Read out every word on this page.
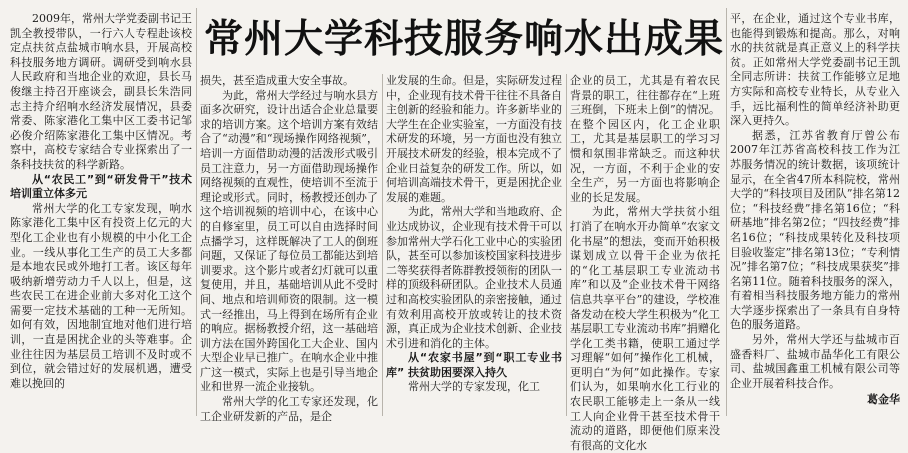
常州大学科技服务响水出成果

2009年，常州大学党委副书记王凯全教授带队，一行六人专程赴该校定点扶贫点盐城市响水县，开展高校科技服务地方调研。调研受到响水县人民政府和当地企业的欢迎，县长马俊继主持召开座谈会，副县长朱浩同志主持介绍响水经济发展情况，县委常委、陈家港化工集中区工委书记邹必俊介绍陈家港化工集中区情况。考察中，高校专家结合专业探索出了一条科技扶贫的科学新路。

从“农民工”到“研发骨干”技术培训重立体多元

常州大学的化工专家发现，响水陈家港化工集中区有投资上亿元的大型化工企业也有小规模的中小化工企业。一线从事化工生产的员工大多都是本地农民或外地打工者。该区每年吸纳新增劳动力千人以上，但是，这些农民工在进企业前大多对化工这个需要一定技术基础的工种一无所知。如何有效，因地制宜地对他们进行培训，一直是困扰企业的头等难事。企业往往因为基层员工培训不及时或不到位，就会错过好的发展机遇，遭受难以挽回的

损失，甚至造成重大安全事故。

为此，常州大学经过与响水县方面多次研究，设计出适合企业总量要求的培训方案。这个培训方案有效结合了“动漫”和“现场操作网络视频”，培训一方面借助动漫的活泼形式吸引员工注意力，另一方面借助现场操作网络视频的直观性，使培训不至流于理论或形式。同时，杨教授还创办了这个培训视频的培训中心，在该中心的自修室里，员工可以自由选择时间点播学习，这样既解决了工人的倒班问题，又保证了每位员工都能达到培训要求。这个影片或者幻灯就可以重复使用，并且，基础培训从此不受时间、地点和培训师资的限制。这一模式一经推出，马上得到在场所有企业的响应。据杨教授介绍，这一基础培训方法在国外跨国化工大企业、国内大型企业早已推广。在响水企业中推广这一模式，实际上也是引导当地企业和世界一流企业接轨。

常州大学的化工专家还发现，化工企业研发新的产品，是企

业发展的生命。但是，实际研发过程中，企业现有技术骨干往往不具备自主创新的经验和能力。许多新毕业的大学生在企业实验室，一方面没有技术研发的环境，另一方面也没有独立开展技术研发的经验，根本完成不了企业日益复杂的研发工作。所以，如何培训高端技术骨干，更是困扰企业发展的难题。

为此，常州大学和当地政府、企业达成协议，企业现有技术骨干可以参加常州大学石化工业中心的实验团队，甚至可以参加该校国家科技进步二等奖获得者陈群教授领衔的团队一样的顶级科研团队。企业技术人员通过和高校实验团队的亲密接触，通过有效利用高校开放或转让的技术资源，真正成为企业技术创新、企业技术引进和消化的主体。

从“农家书屋”到“职工专业书库” 扶贫助困要深入持久

常州大学的专家发现，化工

企业的员工，尤其是有着农民背景的职工，往往都存在“上班三班倒，下班未上倒”的情况。在整个园区内，化工企业职工，尤其是基层职工的学习习惯和氛围非常缺乏。而这种状况，一方面，不利于企业的安全生产，另一方面也将影响企业的长足发展。

为此，常州大学扶贫小组打消了在响水开办简单“农家文化书屋”的想法，变而开始积极谋划成立以骨干企业为依托的“化工基层职工专业流动书库”和以及“企业技术骨干网络信息共享平台”的建设，学校准备发动在校大学生积极为“化工基层职工专业流动书库”捐赠化学化工类书籍，使职工通过学习理解“如何”操作化工机械，更明白“为何”如此操作。专家们认为，如果响水化工行业的农民职工能够走上一条从一线工人向企业骨干甚至技术骨干流动的道路，即便他们原来没有很高的文化水

平，在企业，通过这个专业书库，也能得到锻炼和提高。那么，对响水的扶贫就是真正意义上的科学扶贫。正如常州大学党委副书记王凯全同志所讲：扶贫工作能够立足地方实际和高校专业特长，从专业入手，远比福利性的简单经济补助更深入更持久。

据悉，江苏省教育厅曾公布2007年江苏省高校科技工作为江苏服务情况的统计数据，该项统计显示，在全省47所本科院校，常州大学的“科技项目及团队”排名第12位；“科技经费”排名第16位；“科研基地”排名第2位；“四技经费”排名16位；“科技成果转化及科技项目验收鉴定”排名第13位；“专利情况”排名第7位；“科技成果获奖”排名第11位。随着科技服务的深入，有着相当科技服务地方能力的常州大学逐步探索出了一条具有自身特色的服务道路。

另外，常州大学还与盐城市百盛香料厂、盐城市晶华化工有限公司、盐城国鑫重工机械有限公司等企业开展着科技合作。

葛金华
